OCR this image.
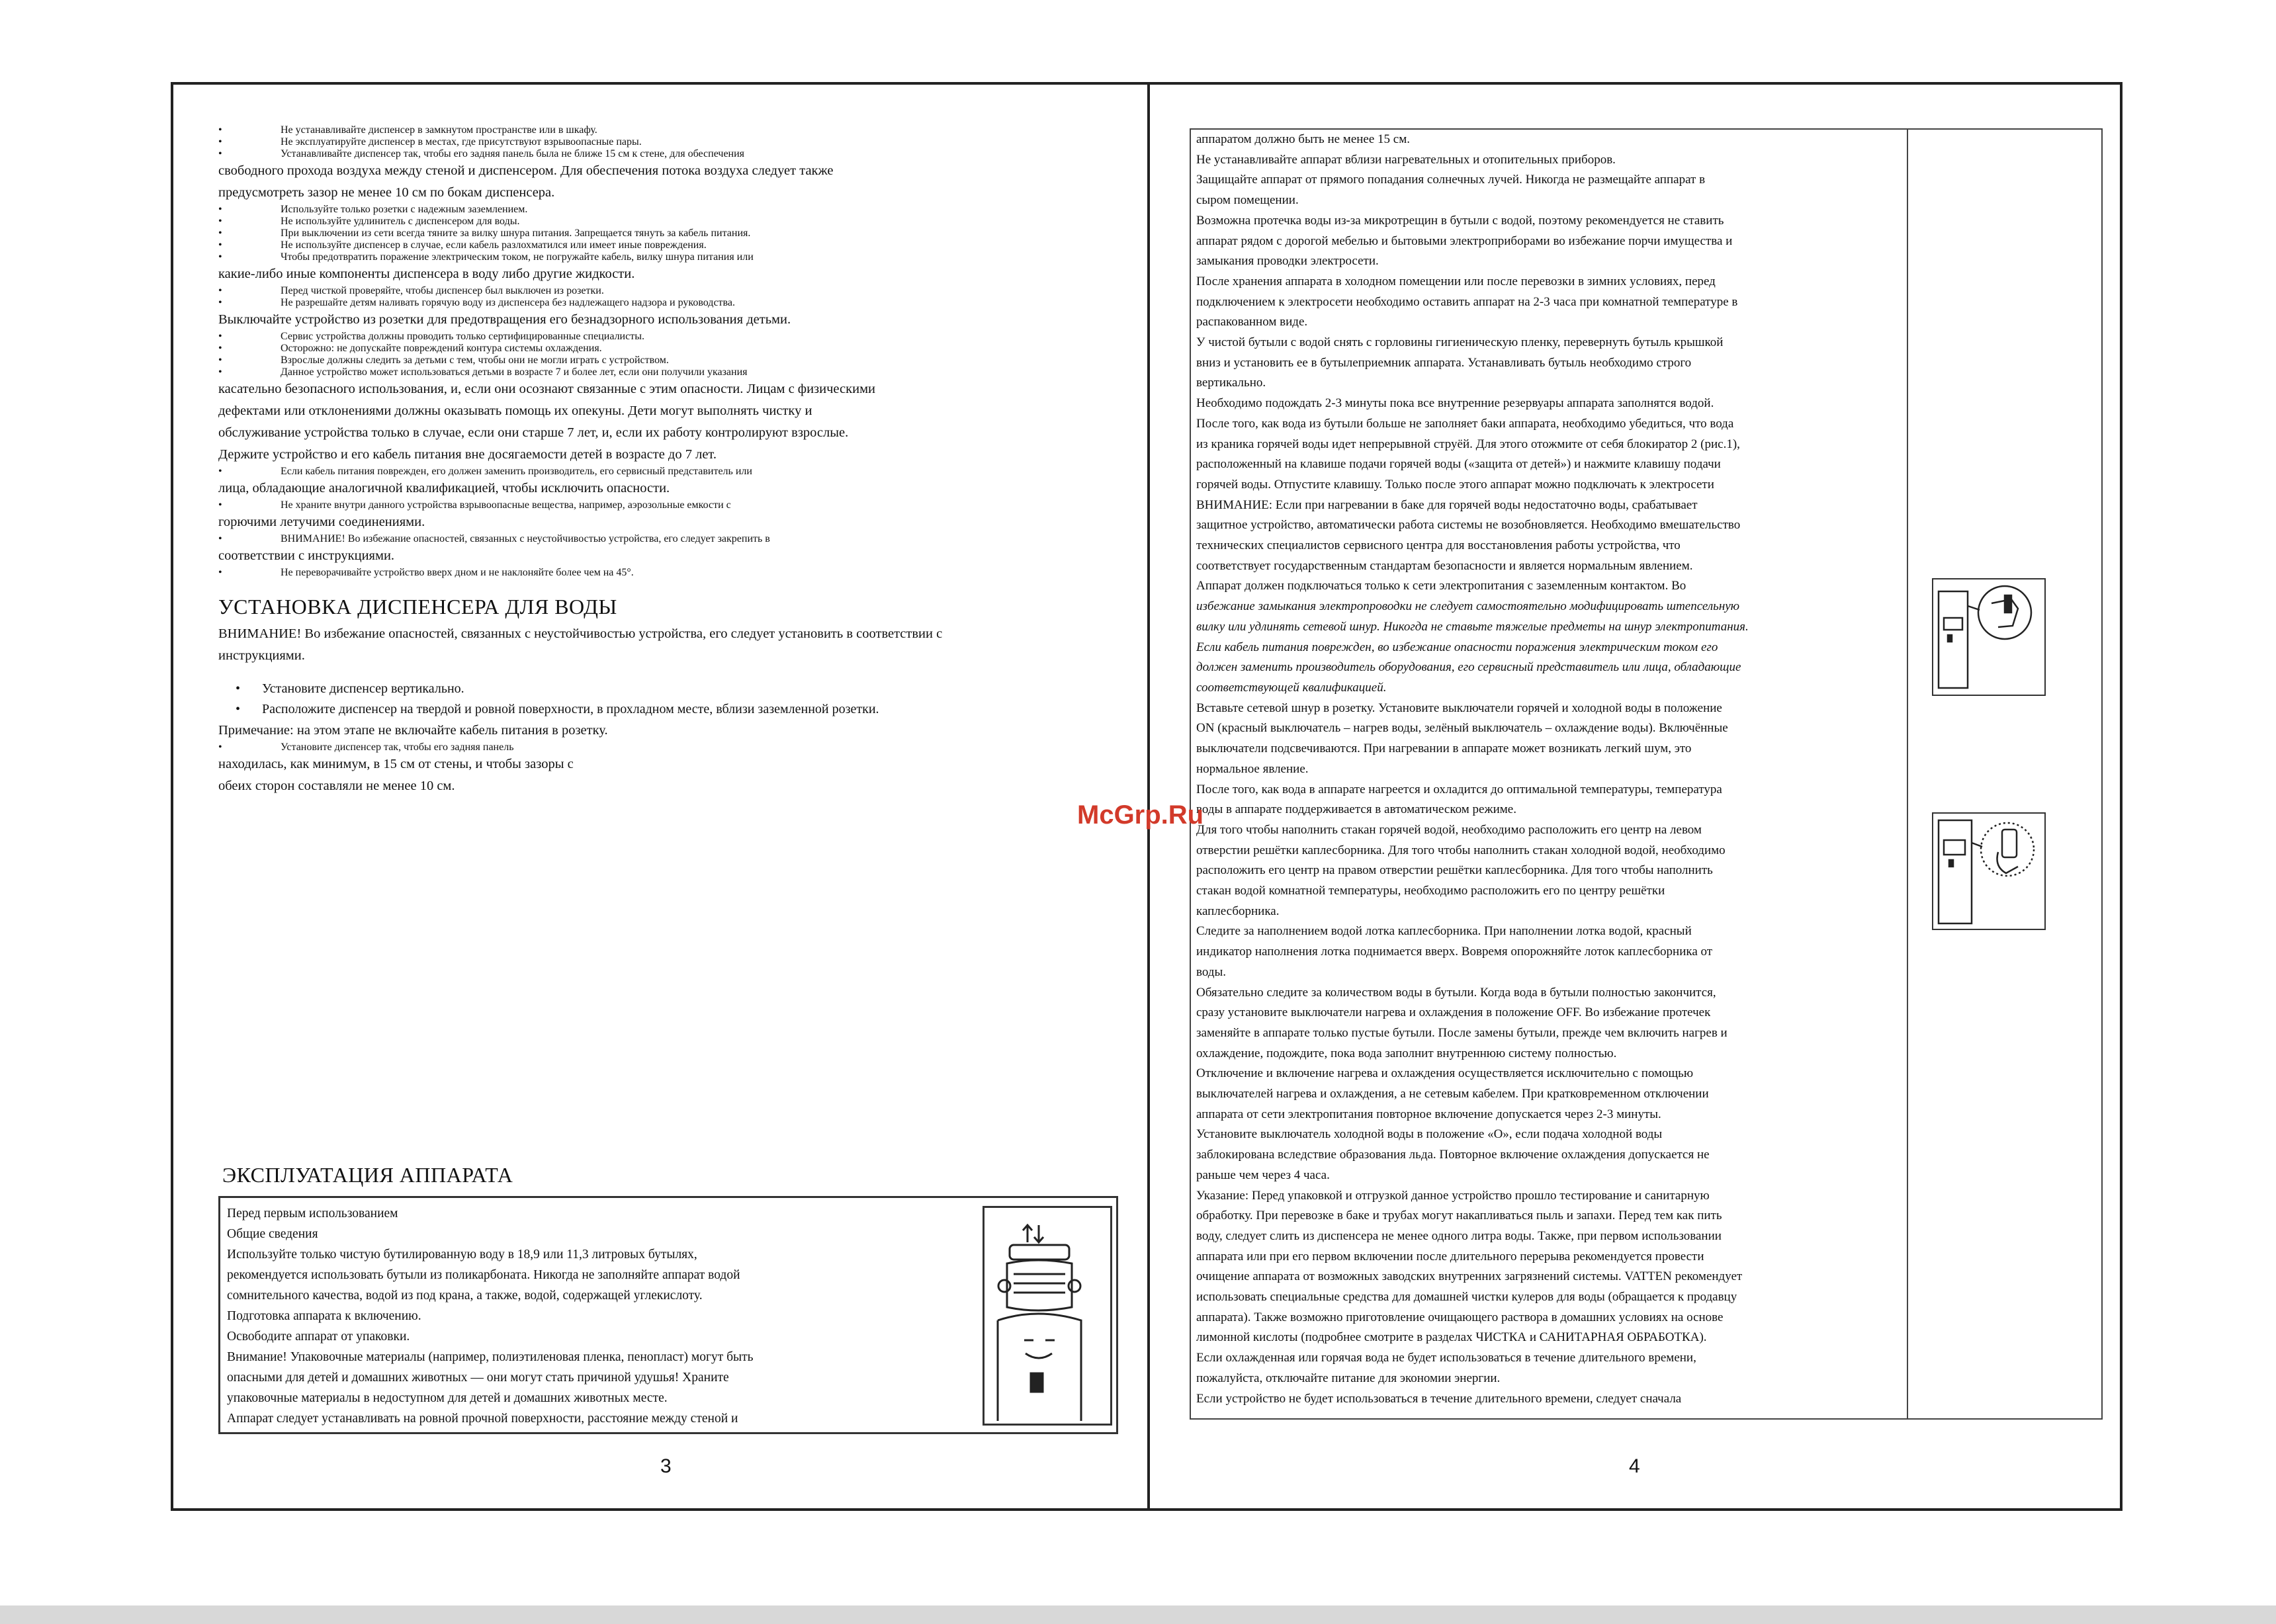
•	Не устанавливайте диспенсер в замкнутом пространстве или в шкафу.
•	Не эксплуатируйте диспенсер в местах, где присутствуют взрывоопасные пары.
•	Устанавливайте диспенсер так, чтобы его задняя панель была не ближе 15 см к стене, для обеспечения

свободного прохода воздуха между стеной и диспенсером. Для обеспечения потока воздуха следует также

предусмотреть зазор не менее 10 см по бокам диспенсера.

•	Используйте только розетки с надежным заземлением.
•	Не используйте удлинитель с диспенсером для воды.
•	При выключении из сети всегда тяните за вилку шнура питания. Запрещается тянуть за кабель питания.
•	Не используйте диспенсер в случае, если кабель разлохматился или имеет иные повреждения.
•	Чтобы предотвратить поражение электрическим током, не погружайте кабель, вилку шнура питания или

какие-либо иные компоненты диспенсера в воду либо другие жидкости.

•	Перед чисткой проверяйте, чтобы диспенсер был выключен из розетки.
•	Не разрешайте детям наливать горячую воду из диспенсера без надлежащего надзора и руководства.

Выключайте устройство из розетки для предотвращения его безнадзорного использования детьми.

•	Сервис устройства должны проводить только сертифицированные специалисты.
•	Осторожно: не допускайте повреждений контура системы охлаждения.
•	Взрослые должны следить за детьми с тем, чтобы они не могли играть с устройством.
•	Данное устройство может использоваться детьми в возрасте 7 и более лет, если они получили указания

касательно безопасного использования, и, если они осознают связанные с этим опасности. Лицам с физическими

дефектами или отклонениями должны оказывать помощь их опекуны. Дети могут выполнять чистку и

обслуживание устройства только в случае, если они старше 7 лет, и, если их работу контролируют взрослые.

Держите устройство и его кабель питания вне досягаемости детей в возрасте до 7 лет.

•	Если кабель питания поврежден, его должен заменить производитель, его сервисный представитель или

лица, обладающие аналогичной квалификацией, чтобы исключить опасности.

•	Не храните внутри данного устройства взрывоопасные вещества, например, аэрозольные емкости с

горючими летучими соединениями.

•	ВНИМАНИЕ! Во избежание опасностей, связанных с неустойчивостью устройства, его следует закрепить в

соответствии с инструкциями.

•	Не переворачивайте устройство вверх дном и не наклоняйте более чем на 45°.
УСТАНОВКА ДИСПЕНСЕРА ДЛЯ ВОДЫ

ВНИМАНИЕ! Во избежание опасностей, связанных с неустойчивостью устройства, его следует установить в соответствии с

инструкциями.

•	Установите диспенсер вертикально.
•	Расположите диспенсер на твердой и ровной поверхности, в прохладном месте, вблизи заземленной розетки.

Примечание: на этом этапе не включайте кабель питания в розетку.

•	Установите диспенсер так, чтобы его задняя панель

находилась, как минимум, в 15 см от стены, и чтобы зазоры с

обеих сторон составляли не менее 10 см.

ЭКСПЛУАТАЦИЯ АППАРАТА

Перед первым использованием

Общие сведения

Используйте только чистую бутилированную воду в 18,9 или 11,3 литровых бутылях,

рекомендуется использовать бутыли из поликарбоната. Никогда не заполняйте аппарат водой

сомнительного качества, водой из под крана, а также, водой, содержащей углекислоту.

Подготовка аппарата к включению.

Освободите аппарат от упаковки.

Внимание! Упаковочные материалы (например, полиэтиленовая пленка, пенопласт) могут быть

опасными для детей и домашних животных — они могут стать причиной удушья! Храните

упаковочные материалы в недоступном для детей и домашних животных месте.

Аппарат следует устанавливать на ровной прочной поверхности, расстояние между стеной и

3

аппаратом должно быть не менее 15 см.

Не устанавливайте аппарат вблизи нагревательных и отопительных приборов.

Защищайте аппарат от прямого попадания солнечных лучей. Никогда не размещайте аппарат в

сыром помещении.

Возможна протечка воды из-за микротрещин в бутыли с водой, поэтому рекомендуется не ставить

аппарат рядом с дорогой мебелью и бытовыми электроприборами во избежание порчи имущества и

замыкания проводки электросети.

После хранения аппарата в холодном помещении или после перевозки в зимних условиях, перед

подключением к электросети необходимо оставить аппарат на 2-3 часа при комнатной температуре в

распакованном виде.

У чистой бутыли с водой снять с горловины гигиеническую пленку, перевернуть бутыль крышкой

вниз и установить ее в бутылеприемник аппарата. Устанавливать бутыль необходимо строго

вертикально.

Необходимо подождать 2-3 минуты пока все внутренние резервуары аппарата заполнятся водой.

После того, как вода из бутыли больше не заполняет баки аппарата, необходимо убедиться, что вода

из краника горячей воды идет непрерывной струёй. Для этого отожмите от себя блокиратор 2 (рис.1),

расположенный на клавише подачи горячей воды («защита от детей») и нажмите клавишу подачи

горячей воды. Отпустите клавишу. Только после этого аппарат можно подключать к электросети

ВНИМАНИЕ: Если при нагревании в баке для горячей воды недостаточно воды, срабатывает

защитное устройство, автоматически работа системы не возобновляется. Необходимо вмешательство

технических специалистов сервисного центра для восстановления работы устройства, что

соответствует государственным стандартам безопасности и является нормальным явлением.

Аппарат должен подключаться только к сети электропитания с заземленным контактом. Во

избежание замыкания электропроводки не следует самостоятельно модифицировать штепсельную

вилку или удлинять сетевой шнур. Никогда не ставьте тяжелые предметы на шнур электропитания.

Если кабель питания поврежден, во избежание опасности поражения электрическим током его

должен заменить производитель оборудования, его сервисный представитель или лица, обладающие

соответствующей квалификацией.

Вставьте сетевой шнур в розетку. Установите выключатели горячей и холодной воды в положение

ON (красный выключатель – нагрев воды, зелёный выключатель – охлаждение воды). Включённые

выключатели подсвечиваются. При нагревании в аппарате может возникать легкий шум, это

нормальное явление.

После того, как вода в аппарате нагреется и охладится до оптимальной температуры, температура

воды в аппарате поддерживается в автоматическом режиме.

Для того чтобы наполнить стакан горячей водой, необходимо расположить его центр на левом

отверстии решётки каплесборника. Для того чтобы наполнить стакан холодной водой, необходимо

расположить его центр на правом отверстии решётки каплесборника. Для того чтобы наполнить

стакан водой комнатной температуры, необходимо расположить его по центру решётки

каплесборника.

Следите за наполнением водой лотка каплесборника. При наполнении лотка водой, красный

индикатор наполнения лотка поднимается вверх. Вовремя опорожняйте лоток каплесборника от

воды.

Обязательно следите за количеством воды в бутыли. Когда вода в бутыли полностью закончится,

сразу установите выключатели нагрева и охлаждения в положение OFF. Во избежание протечек

заменяйте в аппарате только пустые бутыли. После замены бутыли, прежде чем включить нагрев и

охлаждение, подождите, пока вода заполнит внутреннюю систему полностью.

Отключение и включение нагрева и охлаждения осуществляется исключительно с помощью

выключателей нагрева и охлаждения, а не сетевым кабелем. При кратковременном отключении

аппарата от сети электропитания повторное включение допускается через 2-3 минуты.

Установите выключатель холодной воды в положение «O», если подача холодной воды

заблокирована вследствие образования льда. Повторное включение охлаждения допускается не

раньше чем через 4 часа.

Указание: Перед упаковкой и отгрузкой данное устройство прошло тестирование и санитарную

обработку. При перевозке в баке и трубах могут накапливаться пыль и запахи. Перед тем как пить

воду, следует слить из диспенсера не менее одного литра воды. Также, при первом использовании

аппарата или при его первом включении после длительного перерыва рекомендуется провести

очищение аппарата от возможных заводских внутренних загрязнений системы. VATTEN рекомендует

использовать специальные средства для домашней чистки кулеров для воды (обращается к продавцу

аппарата). Также возможно приготовление очищающего раствора в домашних условиях на основе

лимонной кислоты (подробнее смотрите в разделах ЧИСТКА и САНИТАРНАЯ ОБРАБОТКА).

Если охлажденная или горячая вода не будет использоваться в течение длительного времени,

пожалуйста, отключайте питание для экономии энергии.

Если устройство не будет использоваться в течение длительного времени, следует сначала

4
McGrp.Ru
